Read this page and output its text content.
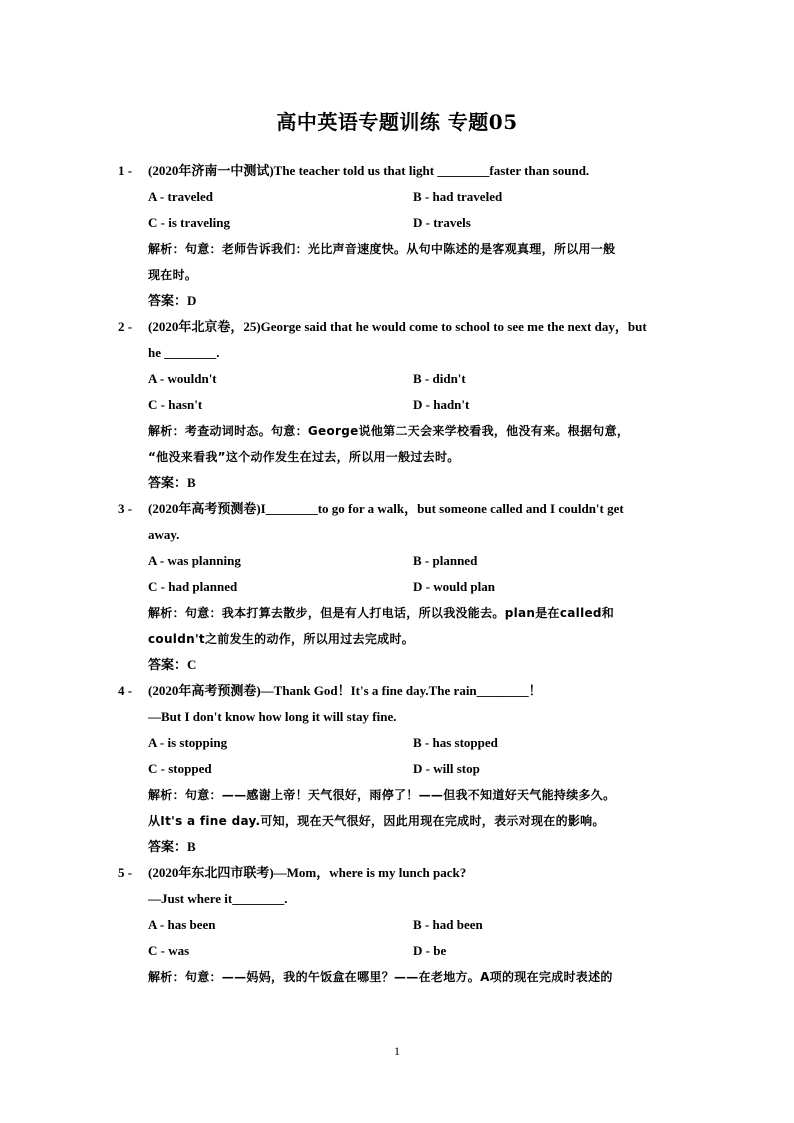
高中英语专题训练 专题05
1 - (2020年济南一中测试)The teacher told us that light ________faster than sound.
A - traveled	B - had traveled
C - is traveling	D - travels
解析：句意：老师告诉我们：光比声音速度快。从句中陈述的是客观真理，所以用一般
现在时。
答案：D
2 - (2020年北京卷，25)George said that he would come to school to see me the next day，but
he ________.
A - wouldn't	B - didn't
C - hasn't	D - hadn't
解析：考查动词时态。句意：George说他第二天会来学校看我，他没有来。根据句意，
“他没来看我”这个动作发生在过去，所以用一般过去时。
答案：B
3 - (2020年高考预测卷)I________to go for a walk，but someone called and I couldn't get
away.
A - was planning	B - planned
C - had planned	D - would plan
解析：句意：我本打算去散步，但是有人打电话，所以我没能去。plan是在called和
couldn't之前发生的动作，所以用过去完成时。
答案：C
4 - (2020年高考预测卷)—Thank God！It's a fine day.The rain________！
—But I don't know how long it will stay fine.
A - is stopping	B - has stopped
C - stopped	D - will stop
解析：句意：——感谢上帝！天气很好，雨停了！——但我不知道好天气能持续多久。
从It's a fine day.可知，现在天气很好，因此用现在完成时，表示对现在的影响。
答案：B
5 - (2020年东北四市联考)—Mom，where is my lunch pack?
—Just where it________.
A - has been	B - had been
C - was	D - be
解析：句意：——妈妈，我的午饭盒在哪里？——在老地方。A项的现在完成时表述的
1
